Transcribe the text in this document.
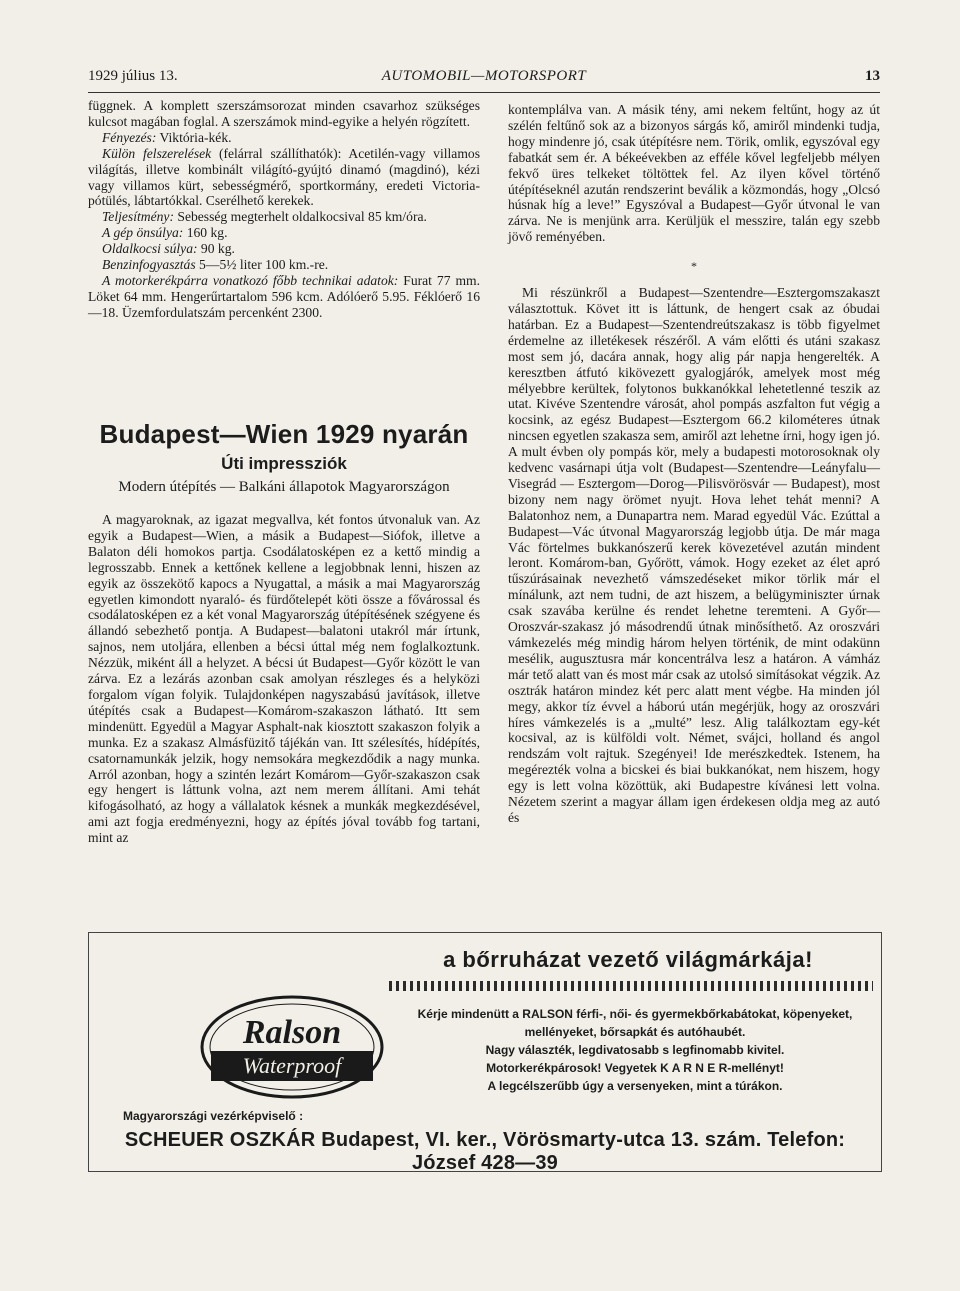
1929 július 13.	AUTOMOBIL—MOTORSPORT	13

függnek. A komplett szerszámsorozat minden csavarhoz szükséges kulcsot magában foglal. A szerszámok mind-egyike a helyén rögzített.

Fényezés: Viktória-kék.

Külön felszerelések (felárral szállíthatók): Acetilén-vagy villamos világítás, illetve kombinált világító-gyújtó dinamó (magdinó), kézi vagy villamos kürt, sebességmérő, sportkormány, eredeti Victoria-pótülés, lábtartókkal. Cserélhető kerekek.

Teljesítmény: Sebesség megterhelt oldalkocsival 85 km/óra.

A gép önsúlya: 160 kg.

Oldalkocsi súlya: 90 kg.

Benzinfogyasztás 5—5½ liter 100 km.-re.

A motorkerékpárra vonatkozó főbb technikai adatok: Furat 77 mm. Löket 64 mm. Hengerűrtartalom 596 kcm. Adólóerő 5.95. Féklóerő 16—18. Üzemfordulatszám percenként 2300.

Budapest—Wien 1929 nyarán
Úti impressziók
Modern útépítés — Balkáni állapotok Magyarországon

A magyaroknak, az igazat megvallva, két fontos útvonaluk van. Az egyik a Budapest—Wien, a másik a Budapest—Siófok, illetve a Balaton déli homokos partja. Csodálatosképen ez a kettő mindig a legrosszabb. Ennek a kettőnek kellene a legjobbnak lenni, hiszen az egyik az összekötő kapocs a Nyugattal, a másik a mai Magyarország egyetlen kimondott nyaraló- és fürdőtelepét köti össze a fővárossal és csodálatosképen ez a két vonal Magyarország útépítésének szégyene és állandó sebezhető pontja. A Budapest—balatoni utakról már írtunk, sajnos, nem utoljára, ellenben a bécsi úttal még nem foglalkoztunk. Nézzük, miként áll a helyzet. A bécsi út Budapest—Győr között le van zárva. Ez a lezárás azonban csak amolyan részleges és a helyközi forgalom vígan folyik. Tulajdonképen nagyszabású javítások, illetve útépítés csak a Budapest—Komárom-szakaszon látható. Itt sem mindenütt. Egyedül a Magyar Asphalt-nak kiosztott szakaszon folyik a munka. Ez a szakasz Almásfüzitő tájékán van. Itt szélesítés, hídépítés, csatornamunkák jelzik, hogy nemsokára megkezdődik a nagy munka. Arról azonban, hogy a szintén lezárt Komárom—Győr-szakaszon csak egy hengert is láttunk volna, azt nem merem állítani. Ami tehát kifogásolható, az hogy a vállalatok késnek a munkák megkezdésével, ami azt fogja eredményezni, hogy az építés jóval tovább fog tartani, mint az

kontemplálva van. A másik tény, ami nekem feltűnt, hogy az út szélén feltűnő sok az a bizonyos sárgás kő, amiről mindenki tudja, hogy mindenre jó, csak útépítésre nem. Törik, omlik, egyszóval egy fabatkát sem ér. A békeévekben az efféle kővel legfeljebb mélyen fekvő üres telkeket töltöttek fel. Az ilyen kővel történő útépítéseknél azután rendszerint beválik a közmondás, hogy „Olcsó húsnak híg a leve!” Egyszóval a Budapest—Győr útvonal le van zárva. Ne is menjünk arra. Kerüljük el messzire, talán egy szebb jövő reményében.

*

Mi részünkről a Budapest—Szentendre—Esztergomszakaszt választottuk. Követ itt is láttunk, de hengert csak az óbudai határban. Ez a Budapest—Szentendreútszakasz is több figyelmet érdemelne az illetékesek részéről. A vám előtti és utáni szakasz most sem jó, dacára annak, hogy alig pár napja hengerelték. A keresztben átfutó kikövezett gyalogjárók, amelyek most még mélyebbre kerültek, folytonos bukkanókkal lehetetlenné teszik az utat. Kivéve Szentendre városát, ahol pompás aszfalton fut végig a kocsink, az egész Budapest—Esztergom 66.2 kilométeres útnak nincsen egyetlen szakasza sem, amiről azt lehetne írni, hogy igen jó. A mult évben oly pompás kör, mely a budapesti motorosoknak oly kedvenc vasárnapi útja volt (Budapest—Szentendre—Leányfalu—Visegrád — Esztergom—Dorog—Pilisvörösvár — Budapest), most bizony nem nagy örömet nyujt. Hova lehet tehát menni? A Balatonhoz nem, a Dunapartra nem. Marad egyedül Vác. Ezúttal a Budapest—Vác útvonal Magyarország legjobb útja. De már maga Vác förtelmes bukkanószerű kerek kövezetével azután mindent leront. Komárom-ban, Győrött, vámok. Hogy ezeket az élet apró tűszúrásainak nevezhető vámszedéseket mikor törlik már el mínálunk, azt nem tudni, de azt hiszem, a belügyminiszter úrnak csak szavába kerülne és rendet lehetne teremteni. A Győr—Oroszvár-szakasz jó másodrendű útnak minősíthető. Az oroszvári vámkezelés még mindig három helyen történik, de mint odakünn mesélik, augusztusra már koncentrálva lesz a határon. A vámház már tető alatt van és most már csak az utolsó simításokat végzik. Az osztrák határon mindez két perc alatt ment végbe. Ha minden jól megy, akkor tíz évvel a háború után megérjük, hogy az oroszvári híres vámkezelés is a „multé” lesz. Alig találkoztam egy-két kocsival, az is külföldi volt. Német, svájci, holland és angol rendszám volt rajtuk. Szegényei! Ide merészkedtek. Istenem, ha megérezték volna a bicskei és biai bukkanókat, nem hiszem, hogy egy is lett volna közöttük, aki Budapestre kívánesi lett volna. Nézetem szerint a magyar állam igen érdekesen oldja meg az autó és

a bőrruházat vezető világmárkája!
Ralson
Waterproof
Kérje mindenütt a RALSON férfi-, női- és gyermekbőrkabátokat, köpenyeket, mellényeket, bőrsapkát és autóhaubét.
Nagy választék, legdivatosabb s legfinomabb kivitel.
Motorkerékpárosok! Vegyetek K A R N E R-mellényt!
A legcélszerűbb úgy a versenyeken, mint a túrákon.
Magyarországi vezérképviselő :
SCHEUER OSZKÁR Budapest, VI. ker., Vörösmarty-utca 13. szám. Telefon: József 428—39
